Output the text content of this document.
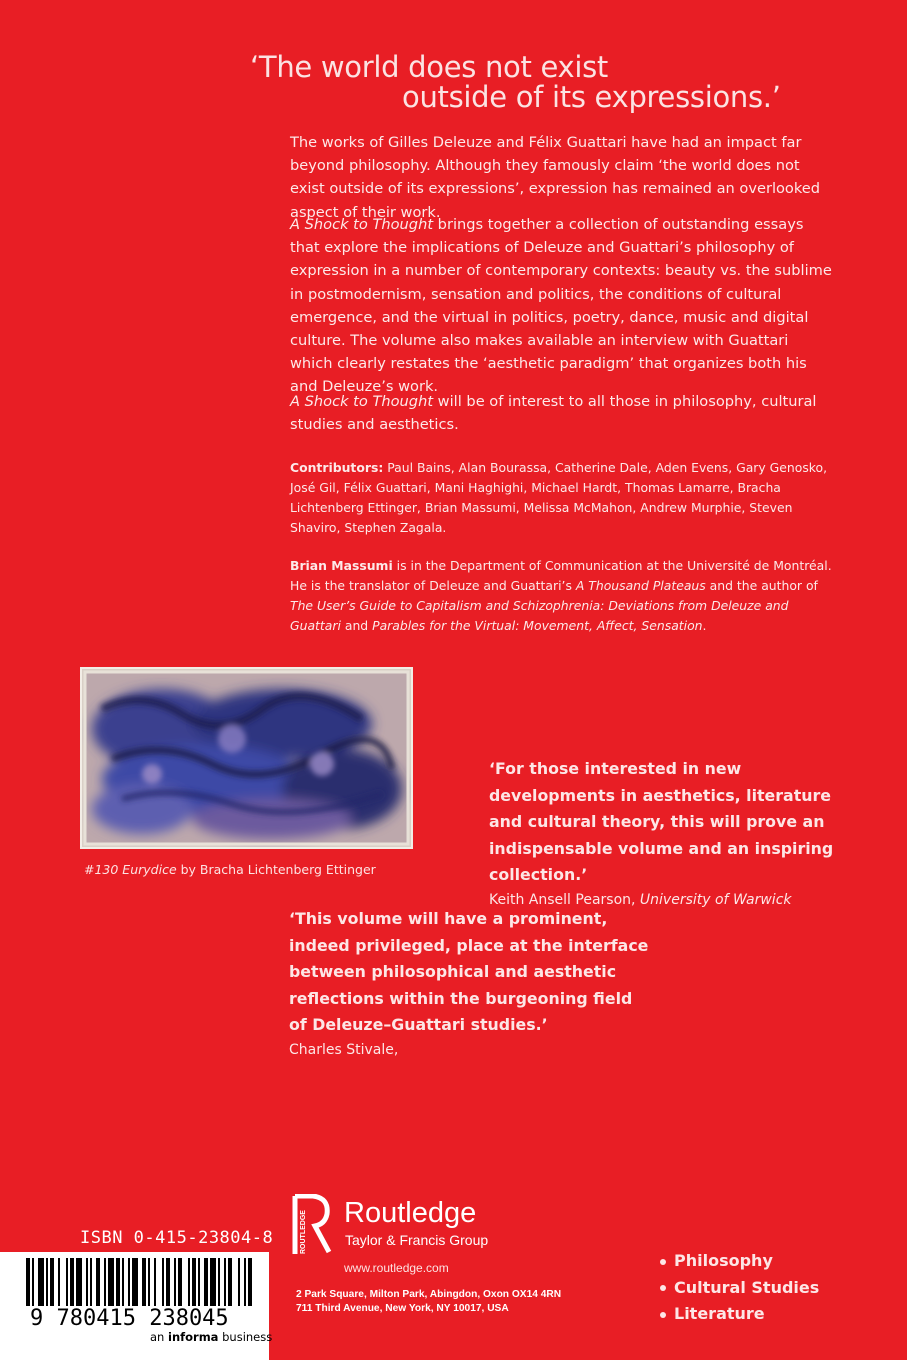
‘The world does not exist
outside of its expressions.’

The works of Gilles Deleuze and Félix Guattari have had an impact far beyond philosophy. Although they famously claim ‘the world does not exist outside of its expressions’, expression has remained an overlooked aspect of their work.

A Shock to Thought brings together a collection of outstanding essays that explore the implications of Deleuze and Guattari’s philosophy of expression in a number of contemporary contexts: beauty vs. the sublime in postmodernism, sensation and politics, the conditions of cultural emergence, and the virtual in politics, poetry, dance, music and digital culture. The volume also makes available an interview with Guattari which clearly restates the ‘aesthetic paradigm’ that organizes both his and Deleuze’s work.

A Shock to Thought will be of interest to all those in philosophy, cultural studies and aesthetics.

Contributors: Paul Bains, Alan Bourassa, Catherine Dale, Aden Evens, Gary Genosko, José Gil, Félix Guattari, Mani Haghighi, Michael Hardt, Thomas Lamarre, Bracha Lichtenberg Ettinger, Brian Massumi, Melissa McMahon, Andrew Murphie, Steven Shaviro, Stephen Zagala.
Brian Massumi is in the Department of Communication at the Université de Montréal. He is the translator of Deleuze and Guattari’s A Thousand Plateaus and the author of The User’s Guide to Capitalism and Schizophrenia: Deviations from Deleuze and Guattari and Parables for the Virtual: Movement, Affect, Sensation.
#130 Eurydice by Bracha Lichtenberg Ettinger
‘For those interested in new developments in aesthetics, literature and cultural theory, this will prove an indispensable volume and an inspiring collection.’
Keith Ansell Pearson, University of Warwick
‘This volume will have a prominent, indeed privileged, place at the interface between philosophical and aesthetic reflections within the burgeoning field of Deleuze–Guattari studies.’
Charles Stivale,
ISBN 0-415-23804-8
9 780415 238045
an informa business
ROUTLEDGE Routledge
Taylor & Francis Group
www.routledge.com
2 Park Square, Milton Park, Abingdon, Oxon OX14 4RN
711 Third Avenue, New York, NY 10017, USA
Philosophy
Cultural Studies
Literature
